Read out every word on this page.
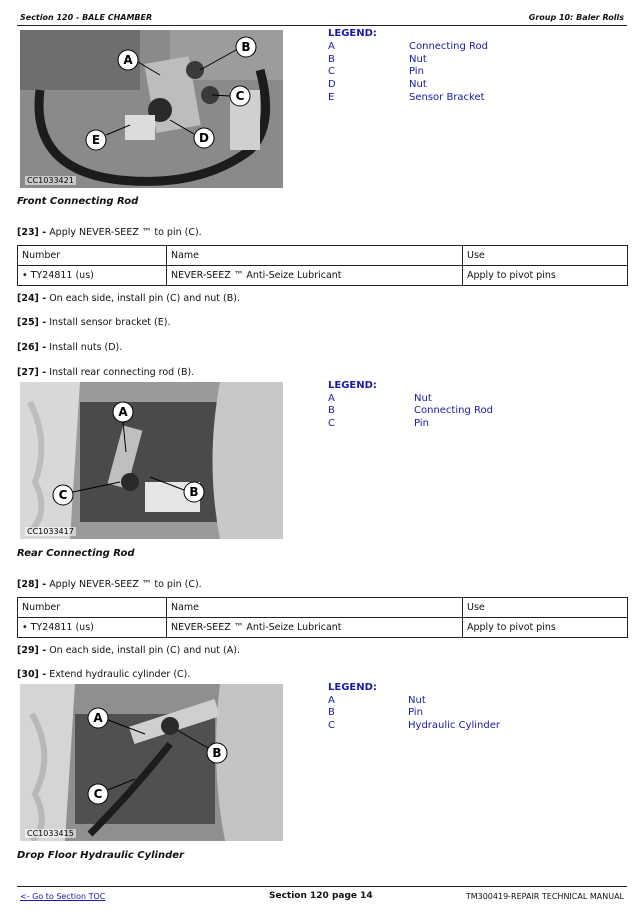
Section 120 - BALE CHAMBER	Group 10: Baler Rolls
A
B
C
D
E
CC1033421
LEGEND:
A	Connecting Rod
B	Nut
C	Pin
D	Nut
E	Sensor Bracket
Front Connecting Rod
[23] - Apply NEVER-SEEZ ™ to pin (C).
Number	Name	Use
• TY24811 (us)	NEVER-SEEZ ™ Anti-Seize Lubricant	Apply to pivot pins
[24] - On each side, install pin (C) and nut (B).
[25] - Install sensor bracket (E).
[26] - Install nuts (D).
[27] - Install rear connecting rod (B).
A
B
C
CC1033417
LEGEND:
A	Nut
B	Connecting Rod
C	Pin
Rear Connecting Rod
[28] - Apply NEVER-SEEZ ™ to pin (C).
Number	Name	Use
• TY24811 (us)	NEVER-SEEZ ™ Anti-Seize Lubricant	Apply to pivot pins
[29] - On each side, install pin (C) and nut (A).
[30] - Extend hydraulic cylinder (C).
A
B
C
CC1033415
LEGEND:
A	Nut
B	Pin
C	Hydraulic Cylinder
Drop Floor Hydraulic Cylinder
<- Go to Section TOC	Section 120 page 14	TM300419-REPAIR TECHNICAL MANUAL
